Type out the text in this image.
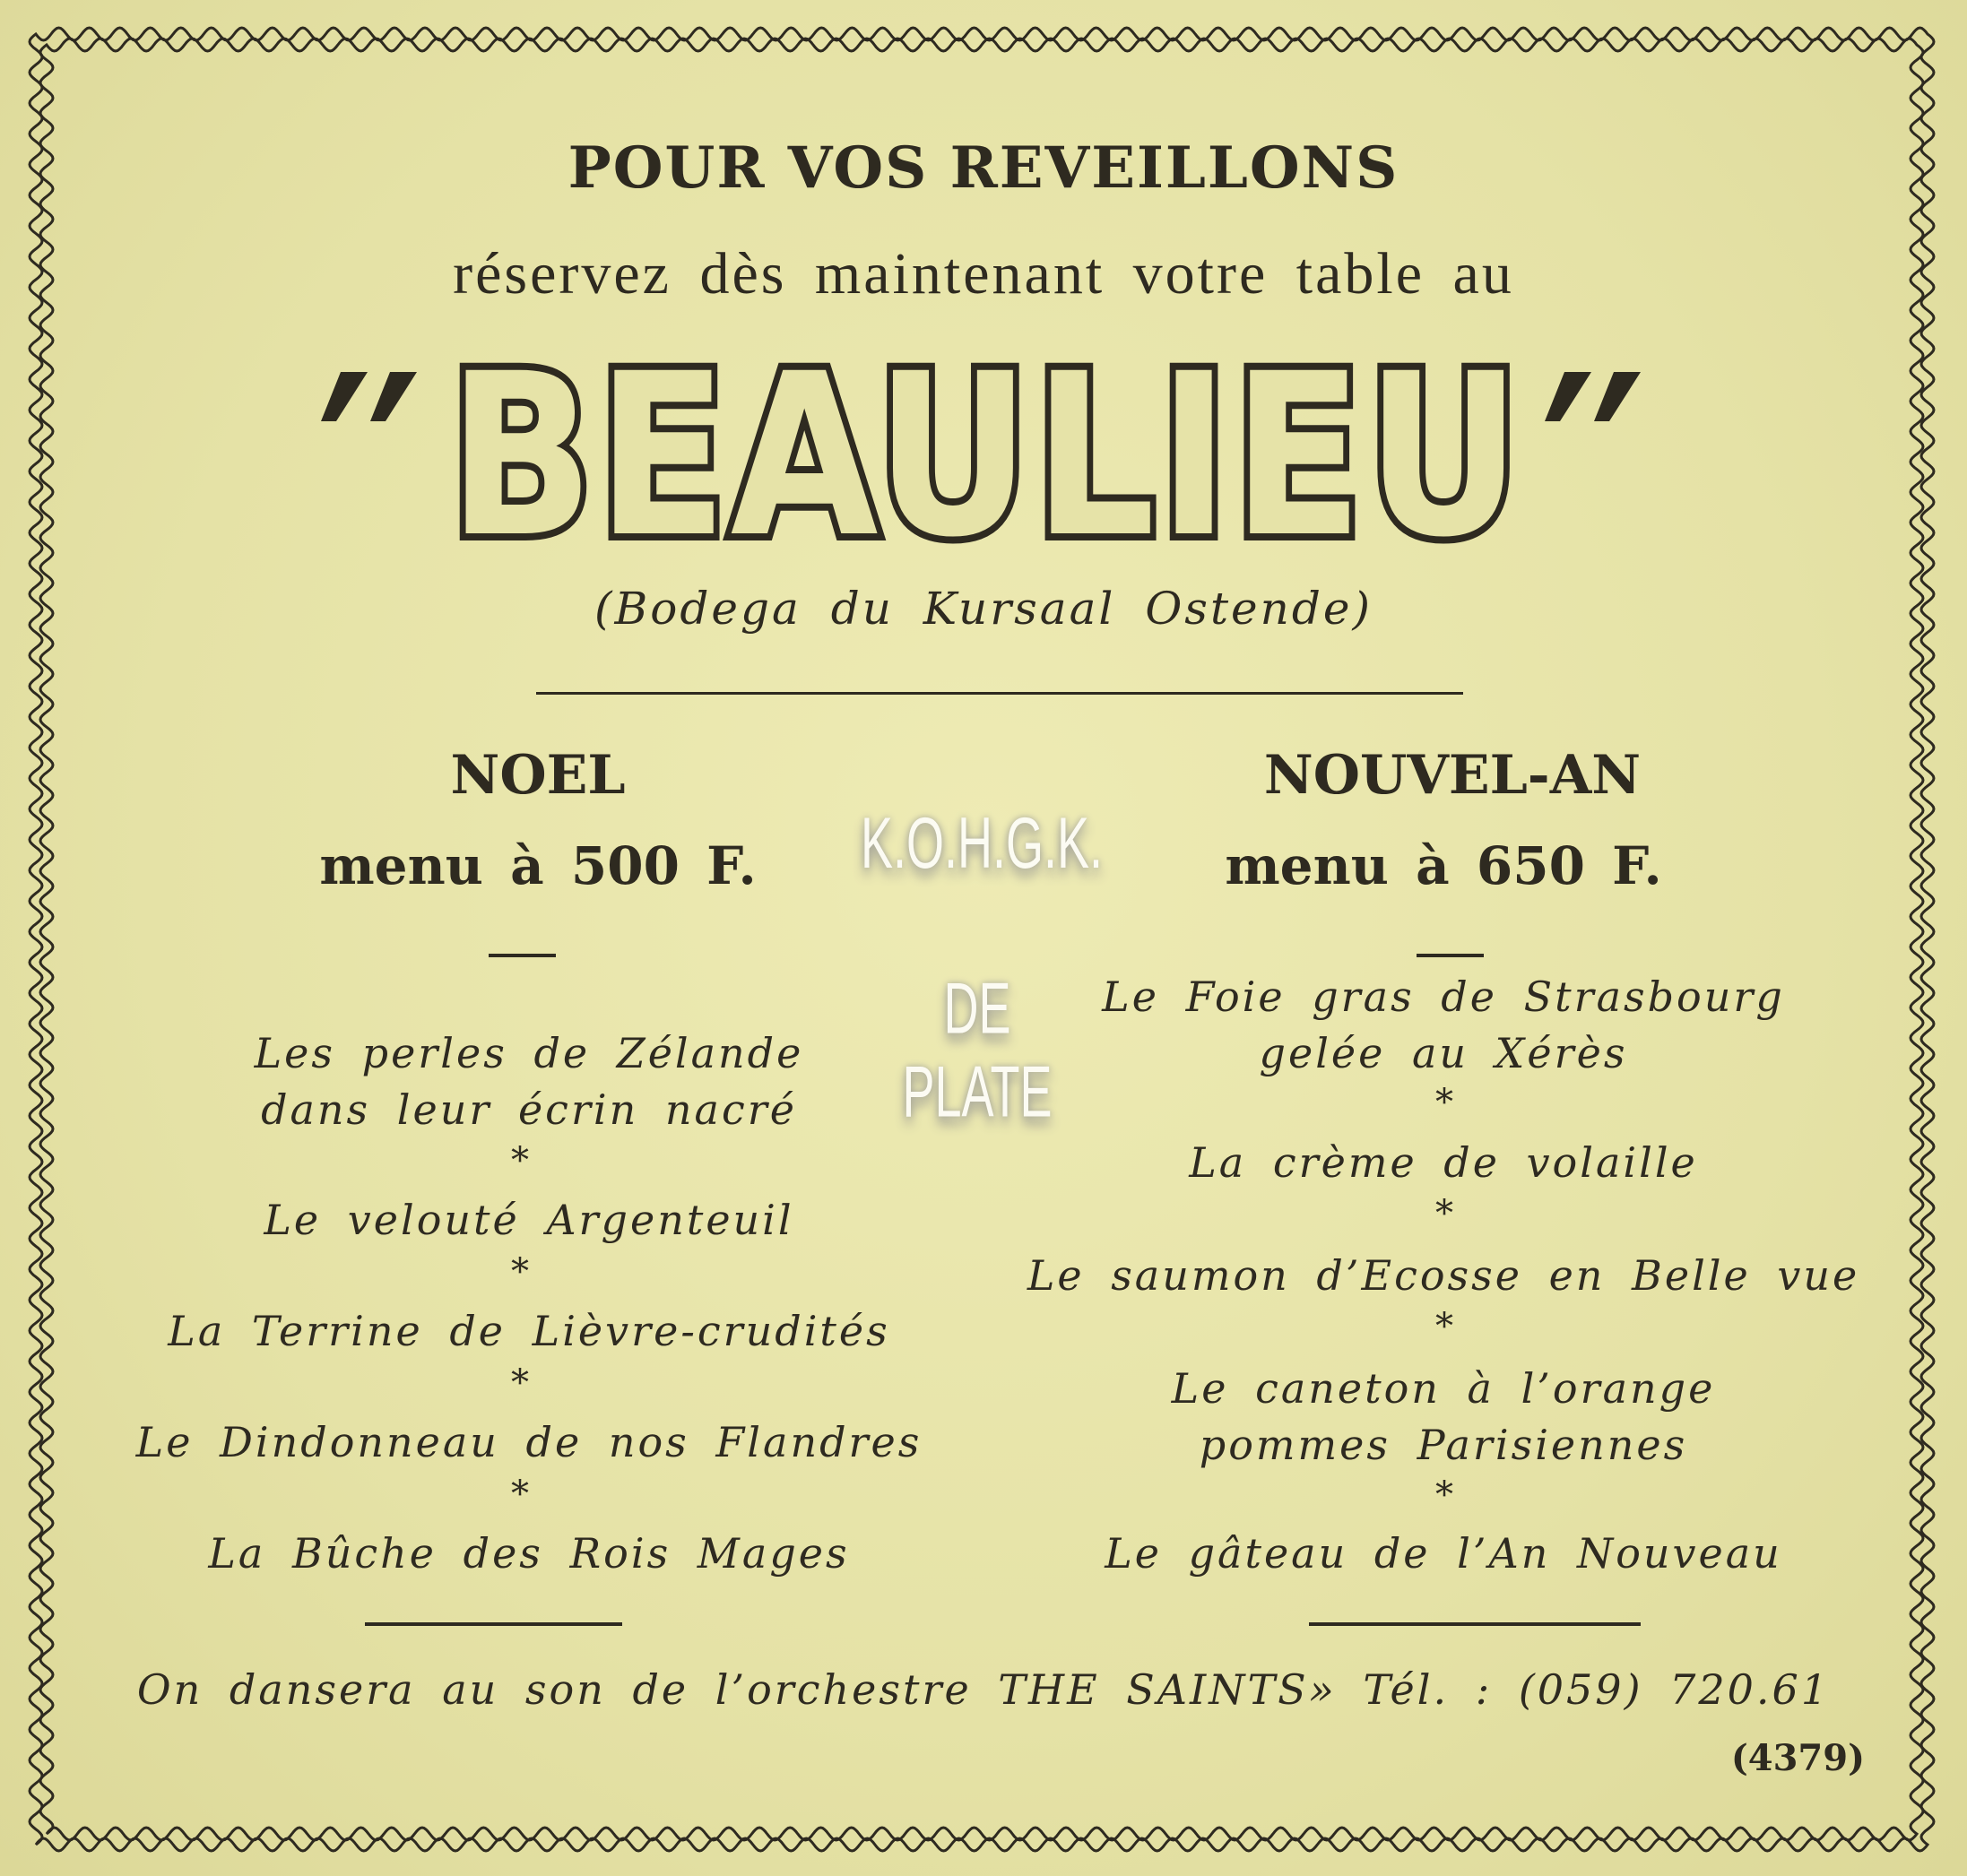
POUR VOS REVEILLONS
réservez dès maintenant votre table au
BEAULIEU
(Bodega du Kursaal Ostende)
NOEL
menu à 500 F.
Les perles de Zélande
dans leur écrin nacré
*
Le velouté Argenteuil
*
La Terrine de Lièvre-crudités
*
Le Dindonneau de nos Flandres
*
La Bûche des Rois Mages
NOUVEL-AN
menu à 650 F.
Le Foie gras de Strasbourg
gelée au Xérès
*
La crème de volaille
*
Le saumon d’Ecosse en Belle vue
*
Le caneton à l’orange
pommes Parisiennes
*
Le gâteau de l’An Nouveau
On dansera au son de l’orchestre THE SAINTS» Tél. : (059) 720.61
(4379)
K.O.H.G.K.
DE PLATE
